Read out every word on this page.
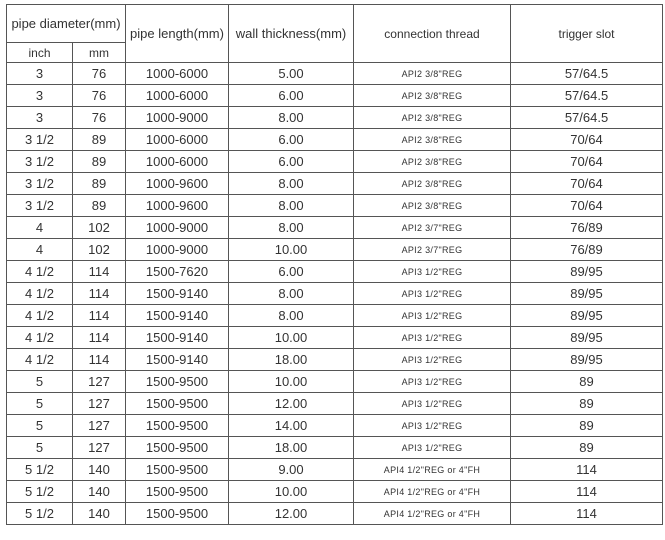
pipe diameter(mm)		pipe length(mm)	wall thickness(mm)	connection thread	trigger slot
inch	mm				
3	76	1000-6000	5.00	API2 3/8"REG	57/64.5
3	76	1000-6000	6.00	API2 3/8"REG	57/64.5
3	76	1000-9000	8.00	API2 3/8"REG	57/64.5
3 1/2	89	1000-6000	6.00	API2 3/8"REG	70/64
3 1/2	89	1000-6000	6.00	API2 3/8"REG	70/64
3 1/2	89	1000-9600	8.00	API2 3/8"REG	70/64
3 1/2	89	1000-9600	8.00	API2 3/8"REG	70/64
4	102	1000-9000	8.00	API2 3/7"REG	76/89
4	102	1000-9000	10.00	API2 3/7"REG	76/89
4 1/2	114	1500-7620	6.00	API3 1/2"REG	89/95
4 1/2	114	1500-9140	8.00	API3 1/2"REG	89/95
4 1/2	114	1500-9140	8.00	API3 1/2"REG	89/95
4 1/2	114	1500-9140	10.00	API3 1/2"REG	89/95
4 1/2	114	1500-9140	18.00	API3 1/2"REG	89/95
5	127	1500-9500	10.00	API3 1/2"REG	89
5	127	1500-9500	12.00	API3 1/2"REG	89
5	127	1500-9500	14.00	API3 1/2"REG	89
5	127	1500-9500	18.00	API3 1/2"REG	89
5 1/2	140	1500-9500	9.00	API4 1/2"REG or 4"FH	114
5 1/2	140	1500-9500	10.00	API4 1/2"REG or 4"FH	114
5 1/2	140	1500-9500	12.00	API4 1/2"REG or 4"FH	114
